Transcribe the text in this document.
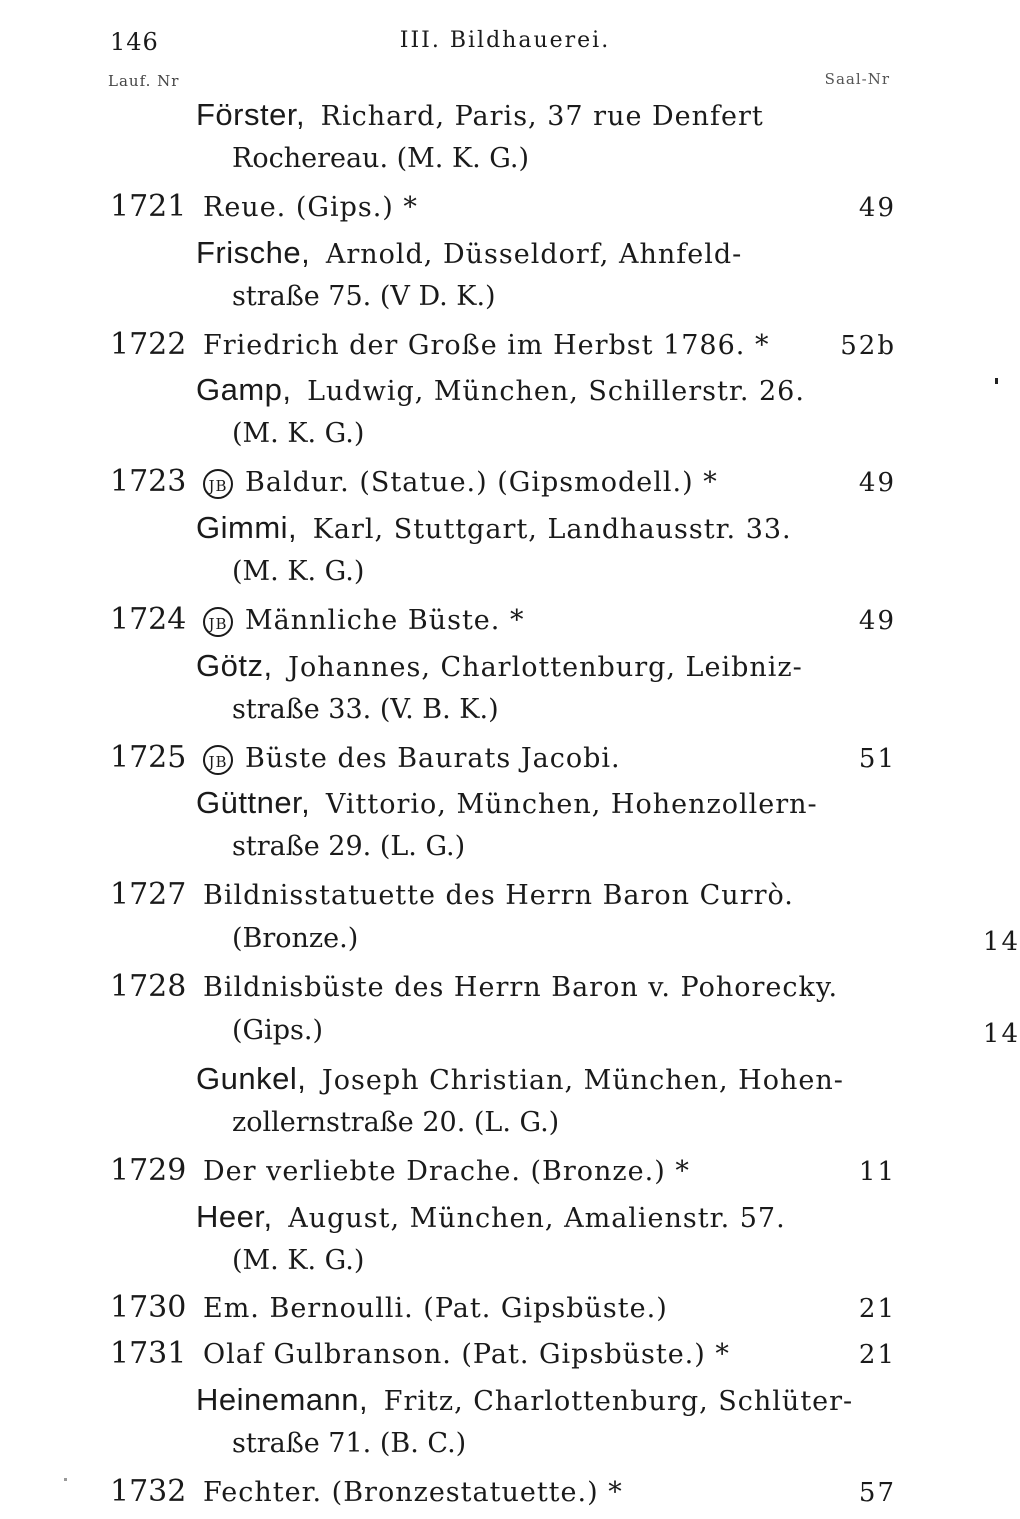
146	III. Bildhauerei.
Lauf. Nr	Saal-Nr
Förster, Richard, Paris, 37 rue Denfert
Rochereau. (M. K. G.)
1721 Reue. (Gips.) *	49
Frische, Arnold, Düsseldorf, Ahnfeld-
straße 75. (V D. K.)
1722 Friedrich der Große im Herbst 1786. *	52b
Gamp, Ludwig, München, Schillerstr. 26.
(M. K. G.)
1723	JB Baldur. (Statue.) (Gipsmodell.) *	49
Gimmi, Karl, Stuttgart, Landhausstr. 33.
(M. K. G.)
1724	JB Männliche Büste. *	49
Götz, Johannes, Charlottenburg, Leibniz-
straße 33. (V. B. K.)
1725	JB Büste des Baurats Jacobi.	51
Güttner, Vittorio, München, Hohenzollern-
straße 29. (L. G.)
1727 Bildnisstatuette des Herrn Baron Currò.
(Bronze.)	14
1728 Bildnisbüste des Herrn Baron v. Pohorecky.
(Gips.)	14
Gunkel, Joseph Christian, München, Hohen-
zollernstraße 20. (L. G.)
1729 Der verliebte Drache. (Bronze.) *	11
Heer, August, München, Amalienstr. 57.
(M. K. G.)
1730 Em. Bernoulli. (Pat. Gipsbüste.)	21
1731 Olaf Gulbranson. (Pat. Gipsbüste.) *	21
Heinemann, Fritz, Charlottenburg, Schlüter-
straße 71. (B. C.)
1732 Fechter. (Bronzestatuette.) *	57
